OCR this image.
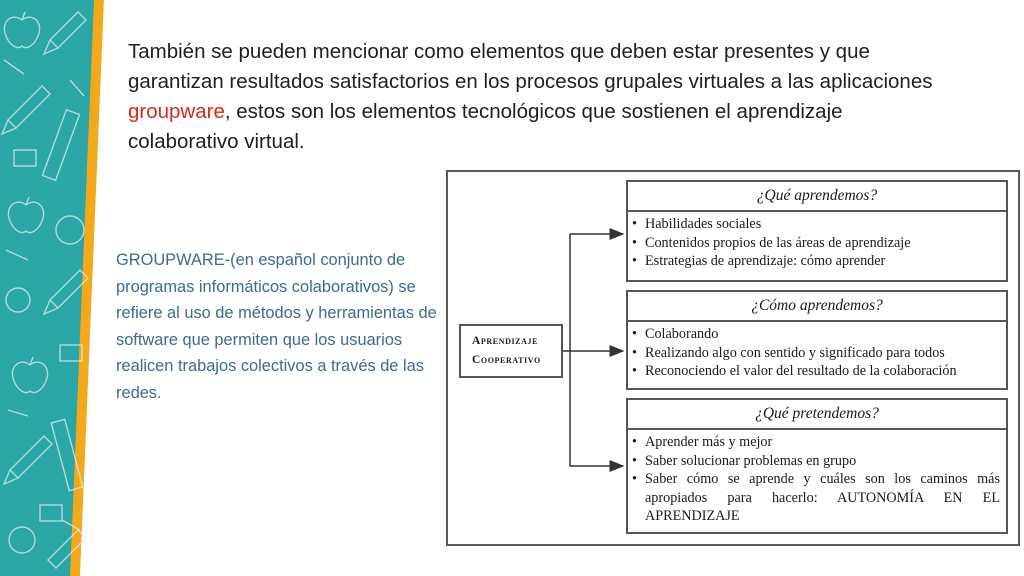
También se pueden mencionar como elementos que deben estar presentes y que garantizan resultados satisfactorios en los procesos grupales virtuales a las aplicaciones groupware, estos son los elementos tecnológicos que sostienen el aprendizaje colaborativo virtual.

GROUPWARE-(en español conjunto de programas informáticos colaborativos) se refiere al uso de métodos y herramientas de software que permiten que los usuarios realicen trabajos colectivos a través de las redes.

Aprendizaje
Cooperativo
¿Qué aprendemos?
• Habilidades sociales
• Contenidos propios de las áreas de aprendizaje
• Estrategias de aprendizaje: cómo aprender
¿Cómo aprendemos?
• Colaborando
• Realizando algo con sentido y significado para todos
• Reconociendo el valor del resultado de la colaboración
¿Qué pretendemos?
• Aprender más y mejor
• Saber solucionar problemas en grupo
• Saber cómo se aprende y cuáles son los caminos más apropiados para hacerlo: AUTONOMÍA EN EL APRENDIZAJE
